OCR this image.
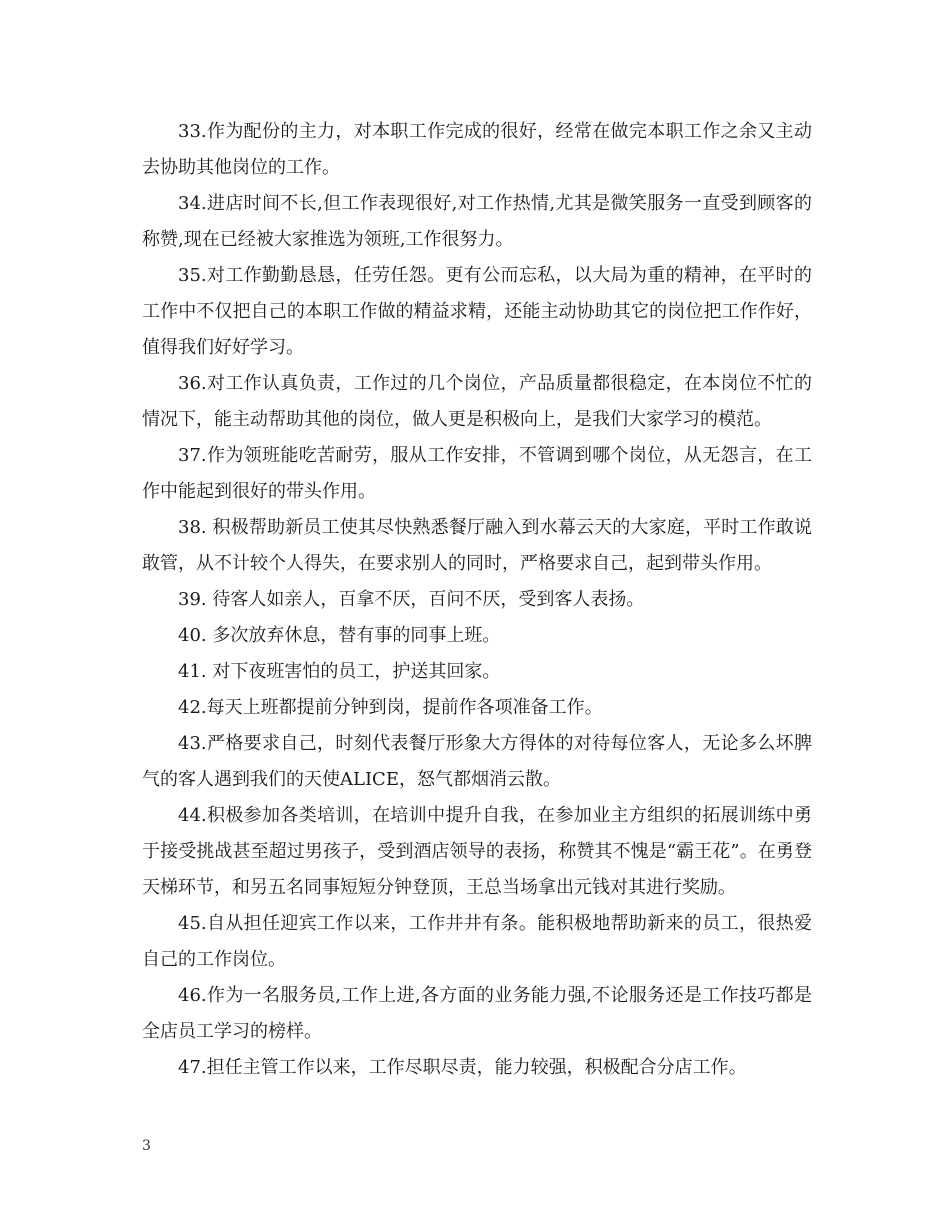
33.作为配份的主力，对本职工作完成的很好，经常在做完本职工作之余又主动去协助其他岗位的工作。

34.进店时间不长,但工作表现很好,对工作热情,尤其是微笑服务一直受到顾客的称赞,现在已经被大家推选为领班,工作很努力。

35.对工作勤勤恳恳，任劳任怨。更有公而忘私，以大局为重的精神，在平时的工作中不仅把自己的本职工作做的精益求精，还能主动协助其它的岗位把工作作好，值得我们好好学习。

36.对工作认真负责，工作过的几个岗位，产品质量都很稳定，在本岗位不忙的情况下，能主动帮助其他的岗位，做人更是积极向上，是我们大家学习的模范。

37.作为领班能吃苦耐劳，服从工作安排，不管调到哪个岗位，从无怨言，在工作中能起到很好的带头作用。

38. 积极帮助新员工使其尽快熟悉餐厅融入到水幕云天的大家庭，平时工作敢说敢管，从不计较个人得失，在要求别人的同时，严格要求自己，起到带头作用。

39. 待客人如亲人，百拿不厌，百问不厌，受到客人表扬。

40. 多次放弃休息，替有事的同事上班。

41. 对下夜班害怕的员工，护送其回家。

42.每天上班都提前分钟到岗，提前作各项准备工作。

43.严格要求自己，时刻代表餐厅形象大方得体的对待每位客人，无论多么坏脾气的客人遇到我们的天使ALICE，怒气都烟消云散。

44.积极参加各类培训，在培训中提升自我，在参加业主方组织的拓展训练中勇于接受挑战甚至超过男孩子，受到酒店领导的表扬，称赞其不愧是“霸王花”。在勇登天梯环节，和另五名同事短短分钟登顶，王总当场拿出元钱对其进行奖励。

45.自从担任迎宾工作以来，工作井井有条。能积极地帮助新来的员工，很热爱自己的工作岗位。

46.作为一名服务员,工作上进,各方面的业务能力强,不论服务还是工作技巧都是全店员工学习的榜样。

47.担任主管工作以来，工作尽职尽责，能力较强，积极配合分店工作。

3
